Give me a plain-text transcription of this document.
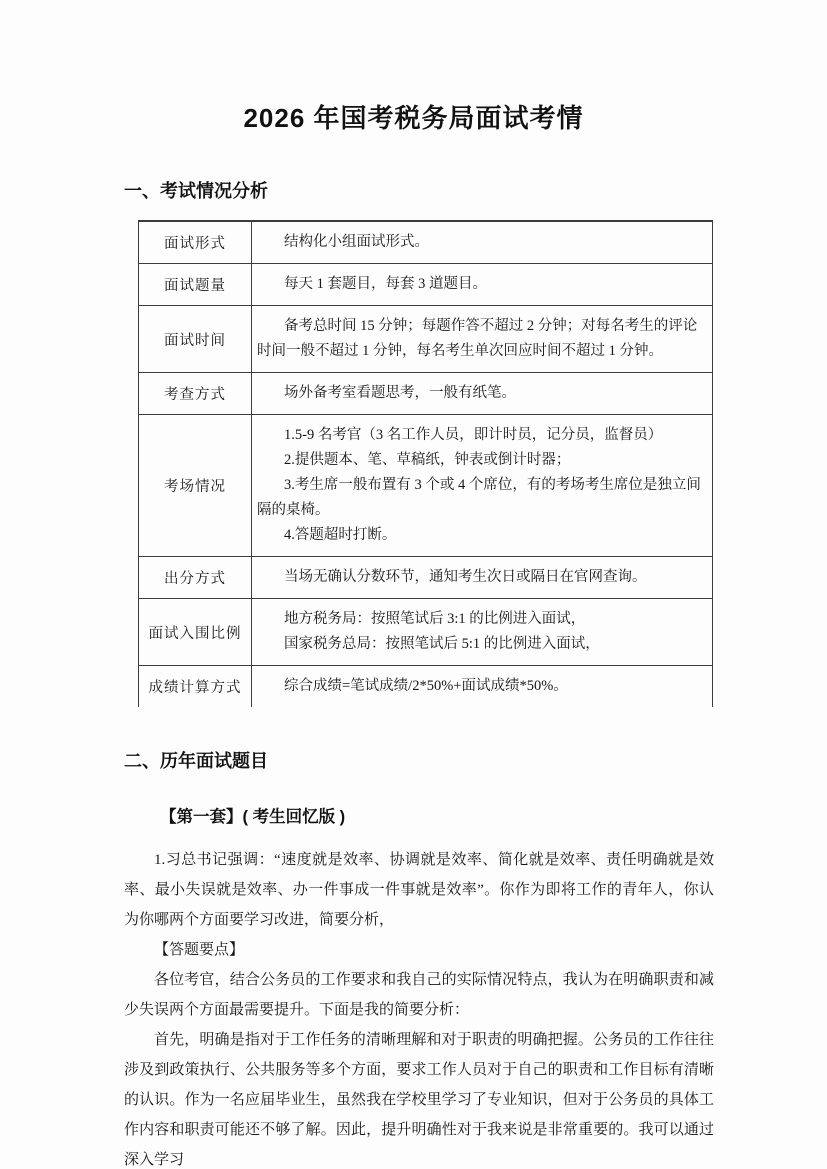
2026 年国考税务局面试考情
一、考试情况分析
面试形式	结构化小组面试形式。

面试题量	每天 1 套题目，每套 3 道题目。

面试时间	备考总时间 15 分钟；每题作答不超过 2 分钟；对每名考生的评论时间一般不超过 1 分钟，每名考生单次回应时间不超过 1 分钟。

考查方式	场外备考室看题思考，一般有纸笔。

考场情况	1.5-9 名考官（3 名工作人员，即计时员，记分员，监督员）

2.提供题本、笔、草稿纸，钟表或倒计时器；

3.考生席一般布置有 3 个或 4 个席位，有的考场考生席位是独立间隔的桌椅。

4.答题超时打断。

出分方式	当场无确认分数环节，通知考生次日或隔日在官网查询。

面试入围比例	地方税务局：按照笔试后 3:1 的比例进入面试，

国家税务总局：按照笔试后 5:1 的比例进入面试，

成绩计算方式	综合成绩=笔试成绩/2*50%+面试成绩*50%。

二、历年面试题目
【第一套】( 考生回忆版 )

1.习总书记强调：“速度就是效率、协调就是效率、简化就是效率、责任明确就是效率、最小失误就是效率、办一件事成一件事就是效率”。你作为即将工作的青年人，你认为你哪两个方面要学习改进，简要分析，

【答题要点】

各位考官，结合公务员的工作要求和我自己的实际情况特点，我认为在明确职责和减少失误两个方面最需要提升。下面是我的简要分析：

首先，明确是指对于工作任务的清晰理解和对于职责的明确把握。公务员的工作往往涉及到政策执行、公共服务等多个方面，要求工作人员对于自己的职责和工作目标有清晰的认识。作为一名应届毕业生，虽然我在学校里学习了专业知识，但对于公务员的具体工作内容和职责可能还不够了解。因此，提升明确性对于我来说是非常重要的。我可以通过深入学习
